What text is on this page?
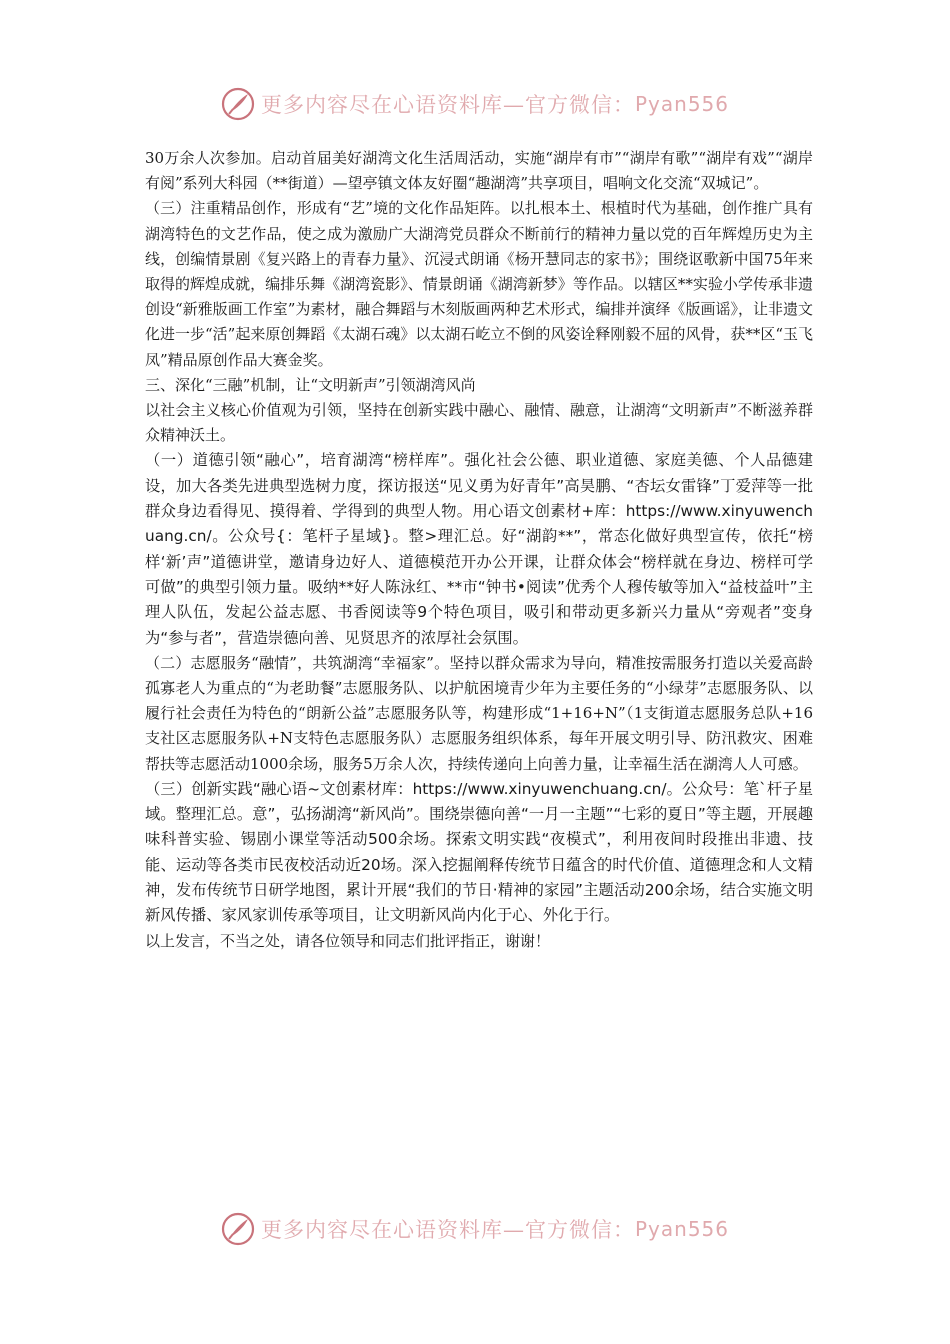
更多内容尽在心语资料库—官方微信： Pyan556

30万余人次参加。启动首届美好湖湾文化生活周活动，实施“湖岸有市”“湖岸有歌”“湖岸有戏”“湖岸有阅”系列大科园（**街道）—望亭镇文体友好圈“趣湖湾”共享项目，唱响文化交流“双城记”。

（三）注重精品创作，形成有“艺”境的文化作品矩阵。以扎根本土、根植时代为基础，创作推广具有湖湾特色的文艺作品，使之成为激励广大湖湾党员群众不断前行的精神力量以党的百年辉煌历史为主线，创编情景剧《复兴路上的青春力量》、沉浸式朗诵《杨开慧同志的家书》；围绕讴歌新中国75年来取得的辉煌成就，编排乐舞《湖湾瓷影》、情景朗诵《湖湾新梦》等作品。以辖区**实验小学传承非遗创设“新雅版画工作室”为素材，融合舞蹈与木刻版画两种艺术形式，编排并演绎《版画谣》，让非遗文化进一步“活”起来原创舞蹈《太湖石魂》以太湖石屹立不倒的风姿诠释刚毅不屈的风骨，获**区“玉飞凤”精品原创作品大赛金奖。

三、深化“三融”机制，让“文明新声”引领湖湾风尚

以社会主义核心价值观为引领，坚持在创新实践中融心、融情、融意，让湖湾“文明新声”不断滋养群众精神沃土。

（一）道德引领“融心”，培育湖湾“榜样库”。强化社会公德、职业道德、家庭美德、个人品德建设，加大各类先进典型选树力度，探访报送“见义勇为好青年”高昊鹏、“杏坛女雷锋”丁爱萍等一批群众身边看得见、摸得着、学得到的典型人物。用心语文创素材+库：https://www.xinyuwenchuang.cn/。公众号{：笔杆子星域}。整>理汇总。好“湖韵**”，常态化做好典型宣传，依托“榜样‘新’声”道德讲堂，邀请身边好人、道德模范开办公开课，让群众体会“榜样就在身边、榜样可学可做”的典型引领力量。吸纳**好人陈泳红、**市“钟书•阅读”优秀个人穆传敏等加入“益枝益叶”主理人队伍，发起公益志愿、书香阅读等9个特色项目，吸引和带动更多新兴力量从“旁观者”变身为“参与者”，营造崇德向善、见贤思齐的浓厚社会氛围。

（二）志愿服务“融情”，共筑湖湾“幸福家”。坚持以群众需求为导向，精准按需服务打造以关爱高龄孤寡老人为重点的“为老助餐”志愿服务队、以护航困境青少年为主要任务的“小绿芽”志愿服务队、以履行社会责任为特色的“朗新公益”志愿服务队等，构建形成“1+16+N”（1支街道志愿服务总队+16支社区志愿服务队+N支特色志愿服务队）志愿服务组织体系，每年开展文明引导、防汛救灾、困难帮扶等志愿活动1000余场，服务5万余人次，持续传递向上向善力量，让幸福生活在湖湾人人可感。

（三）创新实践“融心语~文创素材库：https://www.xinyuwenchuang.cn/。公众号：笔`杆子星域。整理汇总。意”，弘扬湖湾“新风尚”。围绕崇德向善“一月一主题”“七彩的夏日”等主题，开展趣味科普实验、锡剧小课堂等活动500余场。探索文明实践“夜模式”，利用夜间时段推出非遗、技能、运动等各类市民夜校活动近20场。深入挖掘阐释传统节日蕴含的时代价值、道德理念和人文精神，发布传统节日研学地图，累计开展“我们的节日·精神的家园”主题活动200余场，结合实施文明新风传播、家风家训传承等项目，让文明新风尚内化于心、外化于行。

以上发言，不当之处，请各位领导和同志们批评指正，谢谢！

更多内容尽在心语资料库—官方微信： Pyan556
